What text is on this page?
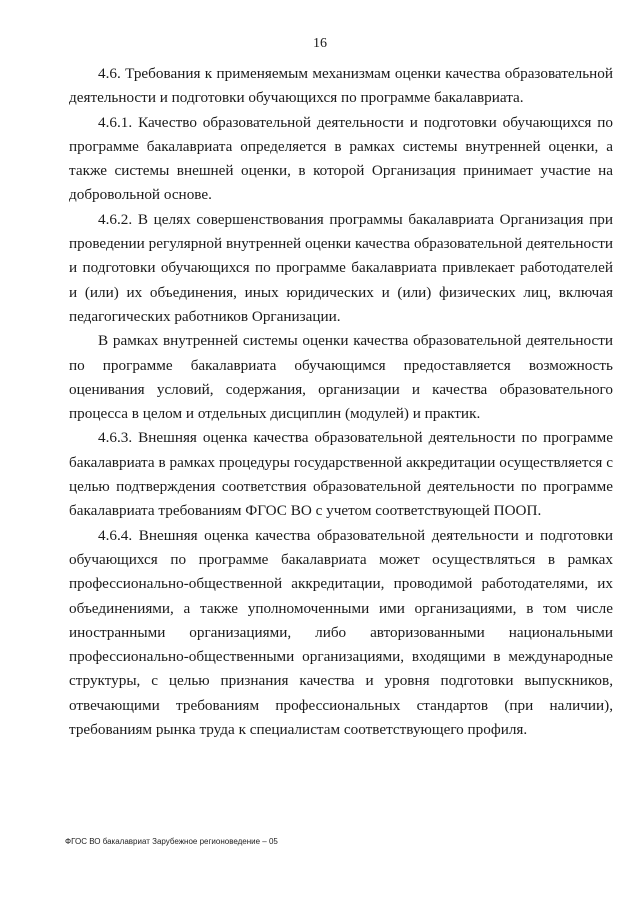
16

4.6. Требования к применяемым механизмам оценки качества образовательной деятельности и подготовки обучающихся по программе бакалавриата.

4.6.1. Качество образовательной деятельности и подготовки обучающихся по программе бакалавриата определяется в рамках системы внутренней оценки, а также системы внешней оценки, в которой Организация принимает участие на добровольной основе.

4.6.2. В целях совершенствования программы бакалавриата Организация при проведении регулярной внутренней оценки качества образовательной деятельности и подготовки обучающихся по программе бакалавриата привлекает работодателей и (или) их объединения, иных юридических и (или) физических лиц, включая педагогических работников Организации.

В рамках внутренней системы оценки качества образовательной деятельности по программе бакалавриата обучающимся предоставляется возможность оценивания условий, содержания, организации и качества образовательного процесса в целом и отдельных дисциплин (модулей) и практик.

4.6.3. Внешняя оценка качества образовательной деятельности по программе бакалавриата в рамках процедуры государственной аккредитации осуществляется с целью подтверждения соответствия образовательной деятельности по программе бакалавриата требованиям ФГОС ВО с учетом соответствующей ПООП.

4.6.4. Внешняя оценка качества образовательной деятельности и подготовки обучающихся по программе бакалавриата может осуществляться в рамках профессионально-общественной аккредитации, проводимой работодателями, их объединениями, а также уполномоченными ими организациями, в том числе иностранными организациями, либо авторизованными национальными профессионально-общественными организациями, входящими в международные структуры, с целью признания качества и уровня подготовки выпускников, отвечающими требованиям профессиональных стандартов (при наличии), требованиям рынка труда к специалистам соответствующего профиля.

ФГОС ВО бакалавриат Зарубежное регионоведение – 05
